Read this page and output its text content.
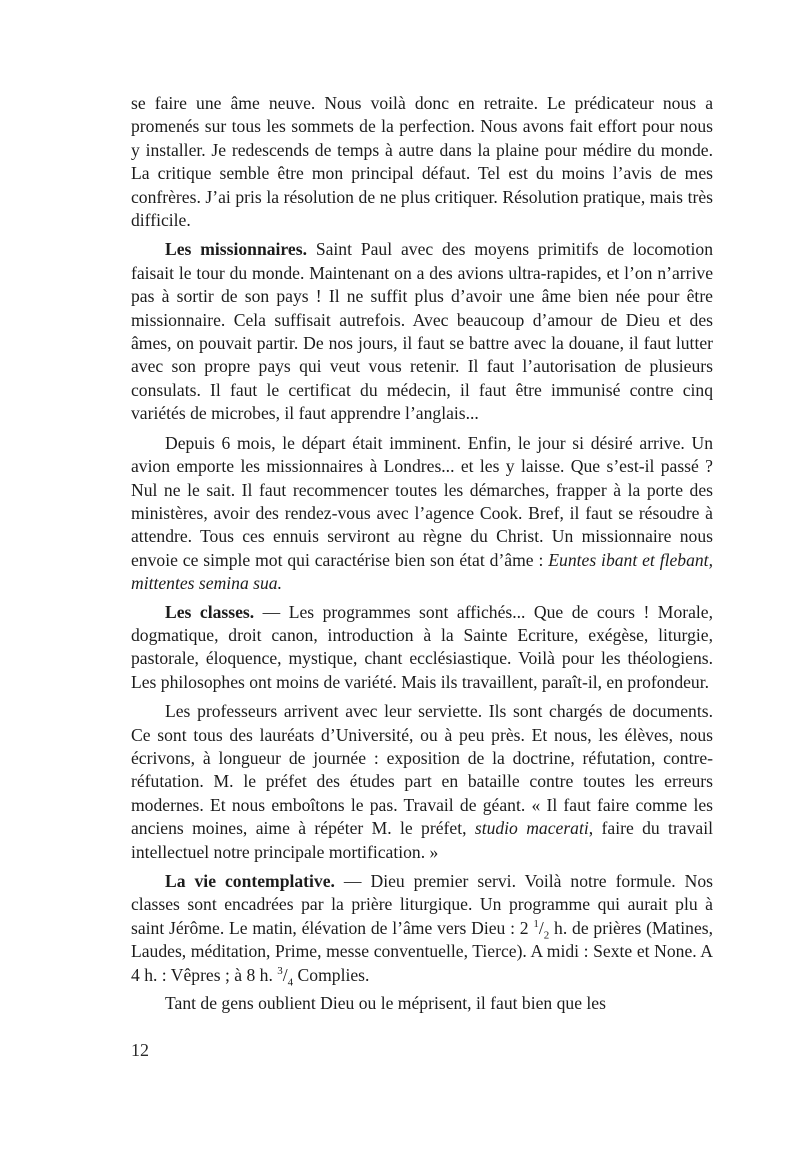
se faire une âme neuve. Nous voilà donc en retraite. Le prédicateur nous a promenés sur tous les sommets de la perfection. Nous avons fait effort pour nous y installer. Je redescends de temps à autre dans la plaine pour médire du monde. La critique semble être mon principal défaut. Tel est du moins l’avis de mes confrères. J’ai pris la résolution de ne plus critiquer. Résolution pratique, mais très difficile.

Les missionnaires. Saint Paul avec des moyens primitifs de locomotion faisait le tour du monde. Maintenant on a des avions ultra-rapides, et l’on n’arrive pas à sortir de son pays ! Il ne suffit plus d’avoir une âme bien née pour être missionnaire. Cela suffisait autrefois. Avec beaucoup d’amour de Dieu et des âmes, on pouvait partir. De nos jours, il faut se battre avec la douane, il faut lutter avec son propre pays qui veut vous retenir. Il faut l’autorisation de plusieurs consulats. Il faut le certificat du médecin, il faut être immunisé contre cinq variétés de microbes, il faut apprendre l’anglais...

Depuis 6 mois, le départ était imminent. Enfin, le jour si désiré arrive. Un avion emporte les missionnaires à Londres... et les y laisse. Que s’est-il passé ? Nul ne le sait. Il faut recommencer toutes les démarches, frapper à la porte des ministères, avoir des rendez-vous avec l’agence Cook. Bref, il faut se résoudre à attendre. Tous ces ennuis serviront au règne du Christ. Un missionnaire nous envoie ce simple mot qui caractérise bien son état d’âme : Euntes ibant et flebant, mittentes semina sua.

Les classes. — Les programmes sont affichés... Que de cours ! Morale, dogmatique, droit canon, introduction à la Sainte Ecriture, exégèse, liturgie, pastorale, éloquence, mystique, chant ecclésiastique. Voilà pour les théologiens. Les philosophes ont moins de variété. Mais ils travaillent, paraît-il, en profondeur.

Les professeurs arrivent avec leur serviette. Ils sont chargés de documents. Ce sont tous des lauréats d’Université, ou à peu près. Et nous, les élèves, nous écrivons, à longueur de journée : exposition de la doctrine, réfutation, contre-réfutation. M. le préfet des études part en bataille contre toutes les erreurs modernes. Et nous emboîtons le pas. Travail de géant. « Il faut faire comme les anciens moines, aime à répéter M. le préfet, studio macerati, faire du travail intellectuel notre principale mortification. »

La vie contemplative. — Dieu premier servi. Voilà notre formule. Nos classes sont encadrées par la prière liturgique. Un programme qui aurait plu à saint Jérôme. Le matin, élévation de l’âme vers Dieu : 2 $^1/_2$ h. de prières (Matines, Laudes, méditation, Prime, messe conventuelle, Tierce). A midi : Sexte et None. A 4 h. : Vêpres ; à 8 h. $^3/_4$ Complies.

Tant de gens oublient Dieu ou le méprisent, il faut bien que les

12
